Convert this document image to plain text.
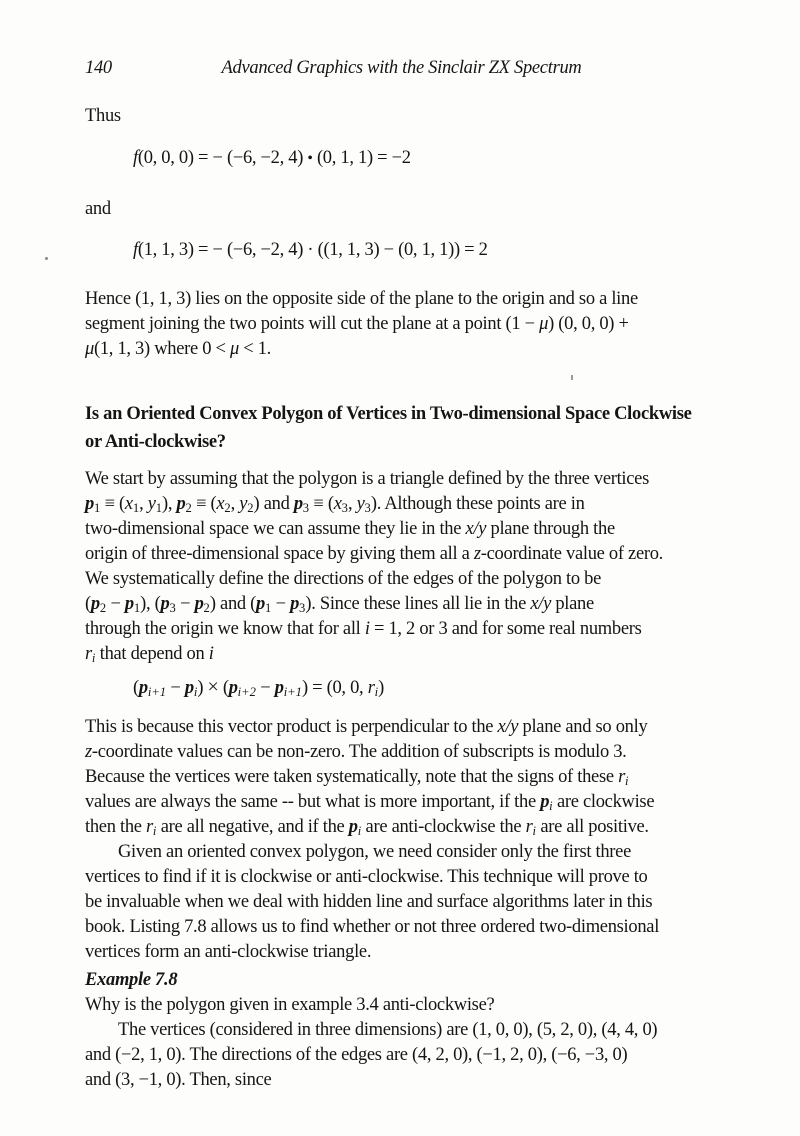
140	Advanced Graphics with the Sinclair ZX Spectrum
Thus
f(0, 0, 0) = − (−6, −2, 4) • (0, 1, 1) = −2
and
f(1, 1, 3) = − (−6, −2, 4) · ((1, 1, 3) − (0, 1, 1)) = 2
Hence (1, 1, 3) lies on the opposite side of the plane to the origin and so a line
segment joining the two points will cut the plane at a point (1 − μ) (0, 0, 0) +
μ(1, 1, 3) where 0 < μ < 1.
Is an Oriented Convex Polygon of Vertices in Two-dimensional Space Clockwise
or Anti-clockwise?
We start by assuming that the polygon is a triangle defined by the three vertices
$p_1 \equiv (x_1$, $y_1$), $p_2 \equiv (x_2$, $y_2$) and $p_3 \equiv (x_3$, $y_3$). Although these points are in
two-dimensional space we can assume they lie in the x/y plane through the
origin of three-dimensional space by giving them all a z-coordinate value of zero.
We systematically define the directions of the edges of the polygon to be
$(p_2 - p_1)$, $(p_3 - p_2)$ and $(p_1 - p_3)$. Since these lines all lie in the x/y plane
through the origin we know that for all i = 1, 2 or 3 and for some real numbers
ri that depend on i
(pi+1 − pi) × (pi+2 − pi+1) = (0, 0, ri)
This is because this vector product is perpendicular to the x/y plane and so only
z-coordinate values can be non-zero. The addition of subscripts is modulo 3.
Because the vertices were taken systematically, note that the signs of these ri
values are always the same -- but what is more important, if the pi are clockwise
then the ri are all negative, and if the pi are anti-clockwise the ri are all positive.
Given an oriented convex polygon, we need consider only the first three
vertices to find if it is clockwise or anti-clockwise. This technique will prove to
be invaluable when we deal with hidden line and surface algorithms later in this
book. Listing 7.8 allows us to find whether or not three ordered two-dimensional
vertices form an anti-clockwise triangle.
Example 7.8
Why is the polygon given in example 3.4 anti-clockwise?
The vertices (considered in three dimensions) are (1, 0, 0), (5, 2, 0), (4, 4, 0)
and (−2, 1, 0). The directions of the edges are (4, 2, 0), (−1, 2, 0), (−6, −3, 0)
and (3, −1, 0). Then, since
